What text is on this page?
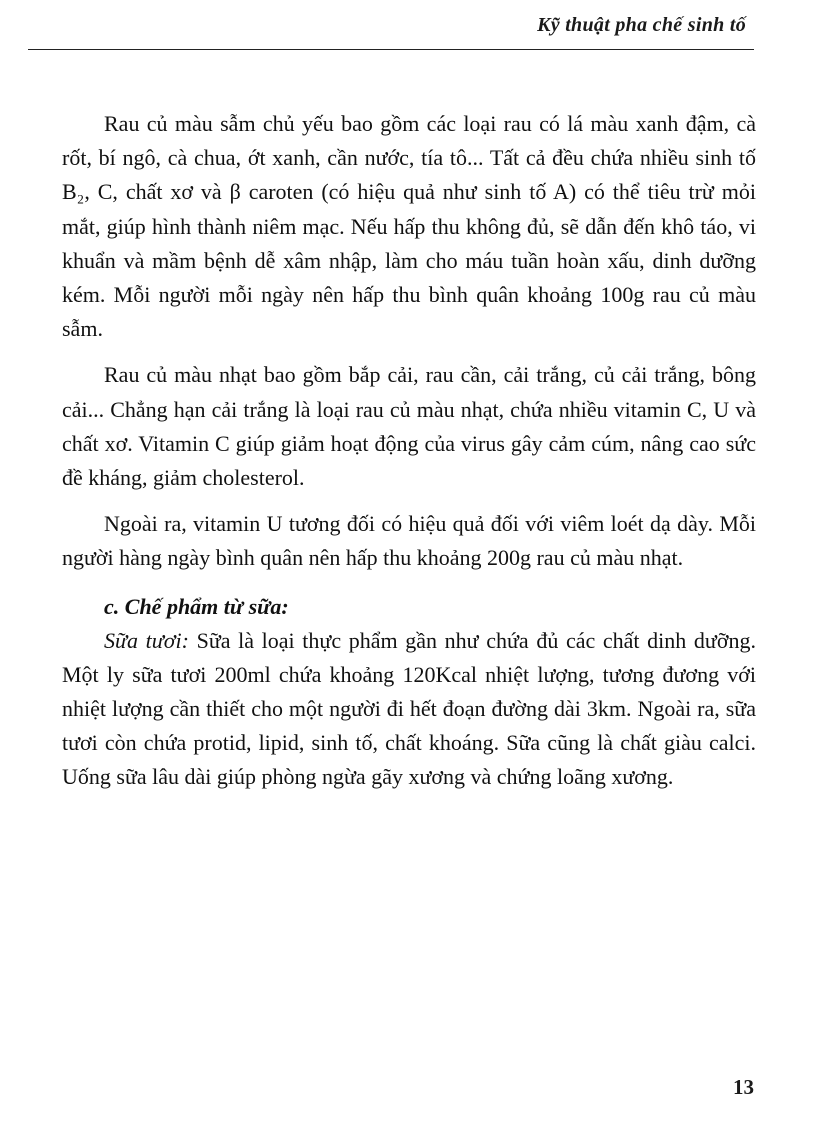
Kỹ thuật pha chế sinh tố

Rau củ màu sẫm chủ yếu bao gồm các loại rau có lá màu xanh đậm, cà rốt, bí ngô, cà chua, ớt xanh, cần nước, tía tô... Tất cả đều chứa nhiều sinh tố B₂, C, chất xơ và β caroten (có hiệu quả như sinh tố A) có thể tiêu trừ mỏi mắt, giúp hình thành niêm mạc. Nếu hấp thu không đủ, sẽ dẫn đến khô táo, vi khuẩn và mầm bệnh dễ xâm nhập, làm cho máu tuần hoàn xấu, dinh dưỡng kém. Mỗi người mỗi ngày nên hấp thu bình quân khoảng 100g rau củ màu sẫm.

Rau củ màu nhạt bao gồm bắp cải, rau cần, cải trắng, củ cải trắng, bông cải... Chẳng hạn cải trắng là loại rau củ màu nhạt, chứa nhiều vitamin C, U và chất xơ. Vitamin C giúp giảm hoạt động của virus gây cảm cúm, nâng cao sức đề kháng, giảm cholesterol.

Ngoài ra, vitamin U tương đối có hiệu quả đối với viêm loét dạ dày. Mỗi người hàng ngày bình quân nên hấp thu khoảng 200g rau củ màu nhạt.

c. Chế phẩm từ sữa:

Sữa tươi: Sữa là loại thực phẩm gần như chứa đủ các chất dinh dưỡng. Một ly sữa tươi 200ml chứa khoảng 120Kcal nhiệt lượng, tương đương với nhiệt lượng cần thiết cho một người đi hết đoạn đường dài 3km. Ngoài ra, sữa tươi còn chứa protid, lipid, sinh tố, chất khoáng. Sữa cũng là chất giàu calci. Uống sữa lâu dài giúp phòng ngừa gãy xương và chứng loãng xương.

13
